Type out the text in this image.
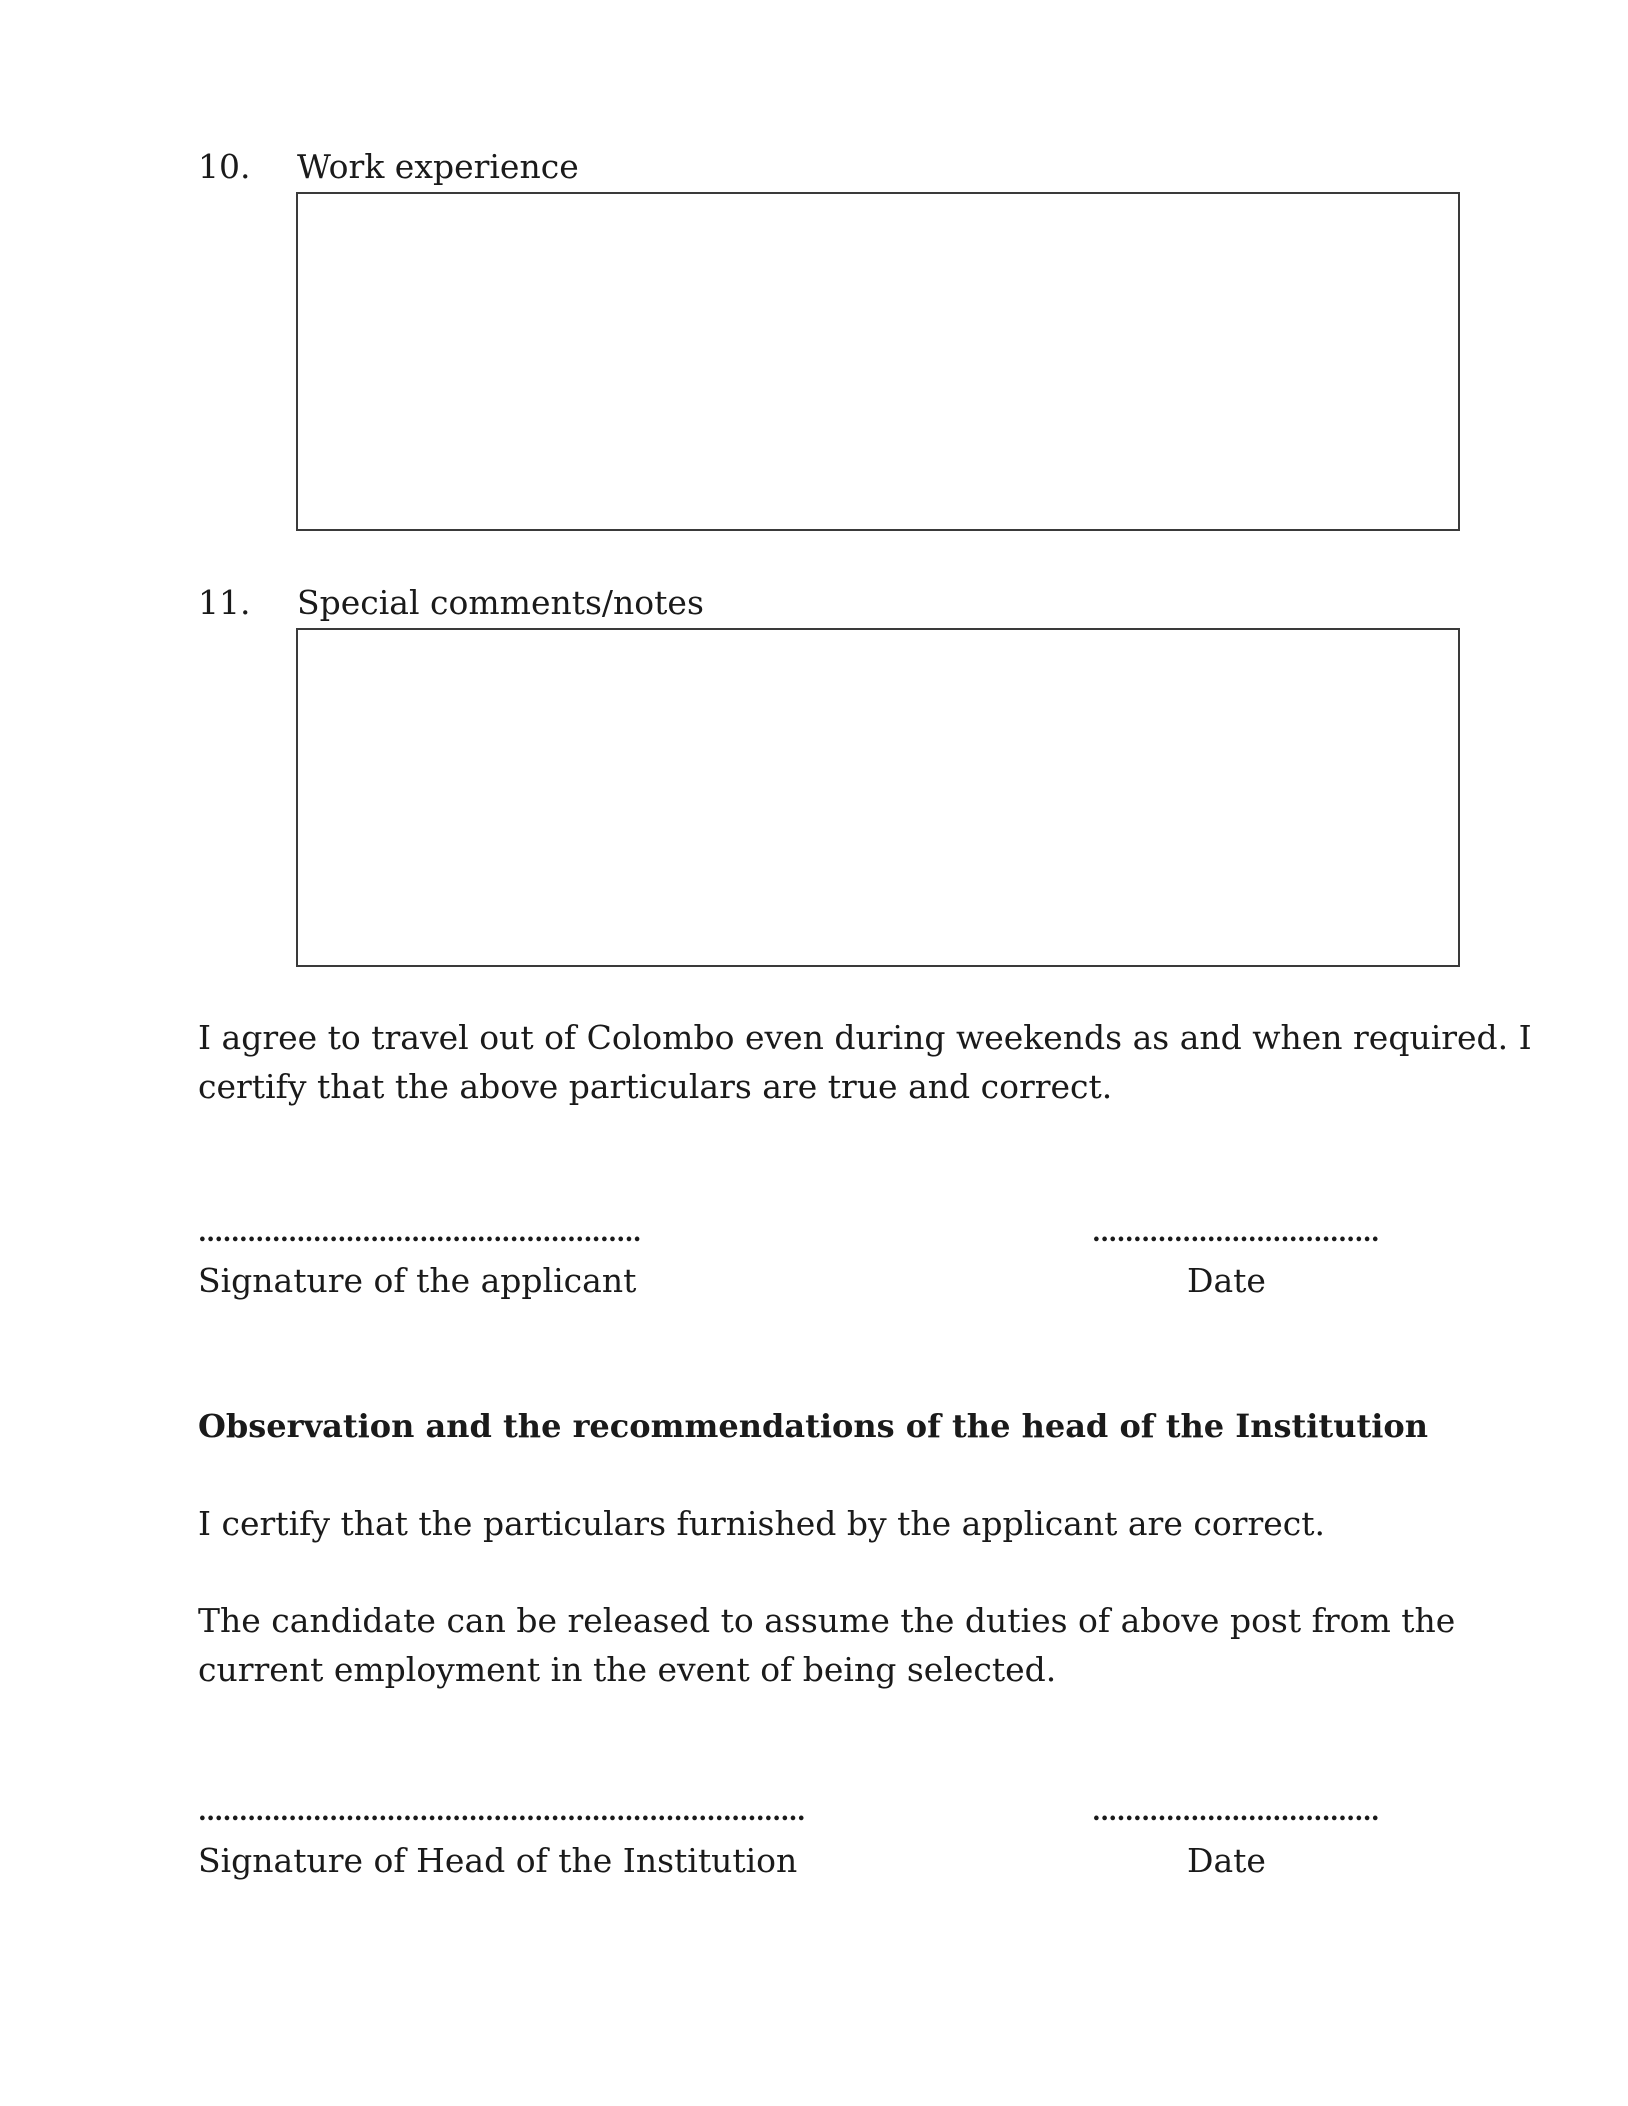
10. Work experience
11. Special comments/notes
I agree to travel out of Colombo even during weekends as and when required. I
certify that the above particulars are true and correct.
......................................................
Signature of the applicant
...................................
Date
Observation and the recommendations of the head of the Institution
I certify that the particulars furnished by the applicant are correct.
The candidate can be released to assume the duties of above post from the
current employment in the event of being selected.
..........................................................................
Signature of Head of the Institution
...................................
Date
